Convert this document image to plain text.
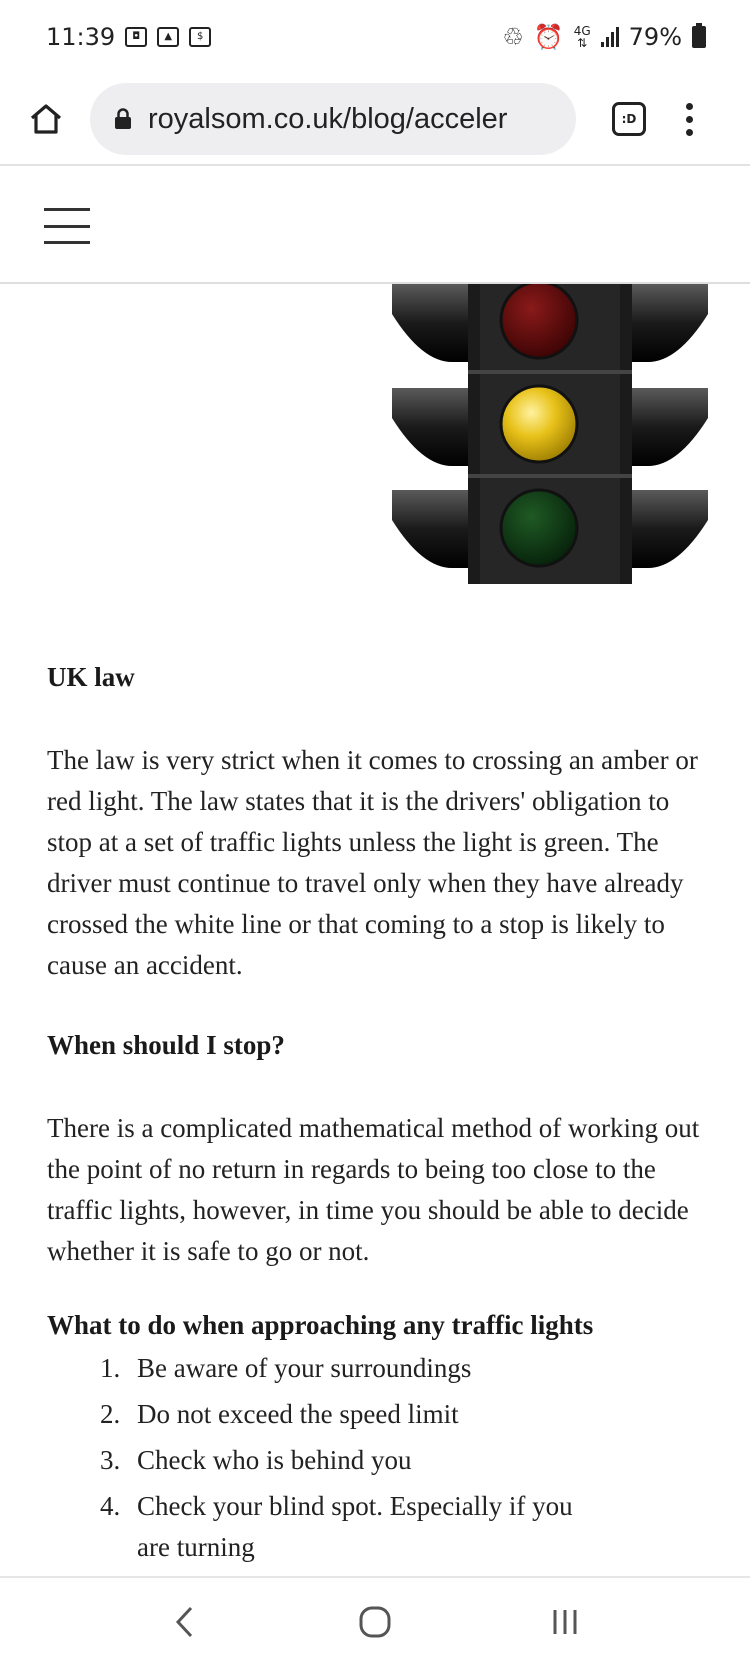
11:39	◘	▲	$	♲ ⏰ 4G
⇅ 79%
royalsom.co.uk/blog/acceler	:D
UK law

The law is very strict when it comes to crossing an amber or red light. The law states that it is the drivers' obligation to stop at a set of traffic lights unless the light is green. The driver must continue to travel only when they have already crossed the white line or that coming to a stop is likely to cause an accident.

When should I stop?

There is a complicated mathematical method of working out the point of no return in regards to being too close to the traffic lights, however, in time you should be able to decide whether it is safe to go or not.

What to do when approaching any traffic lights
1. Be aware of your surroundings
2. Do not exceed the speed limit
3. Check who is behind you
4. Check your blind spot. Especially if you are turning
